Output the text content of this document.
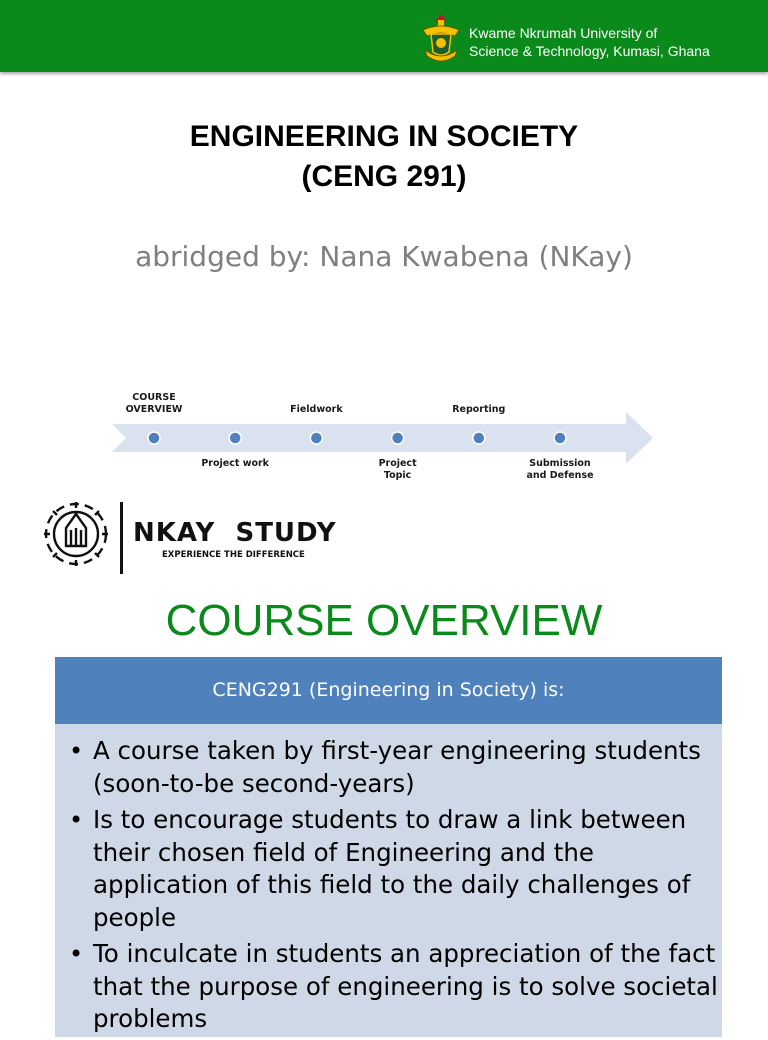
Kwame Nkrumah University of
Science & Technology, Kumasi, Ghana
ENGINEERING IN SOCIETY
(CENG 291)
abridged by: Nana Kwabena (NKay)
COURSE
OVERVIEW
Project work
Fieldwork
Project
Topic
Reporting
Submission
and Defense
NKAY  STUDY
EXPERIENCE THE DIFFERENCE
COURSE OVERVIEW
CENG291 (Engineering in Society) is:
• A course taken by first-year engineering students (soon-to-be second-years)
• Is to encourage students to draw a link between their chosen field of Engineering and the application of this field to the daily challenges of people
• To inculcate in students an appreciation of the fact that the purpose of engineering is to solve societal problems
